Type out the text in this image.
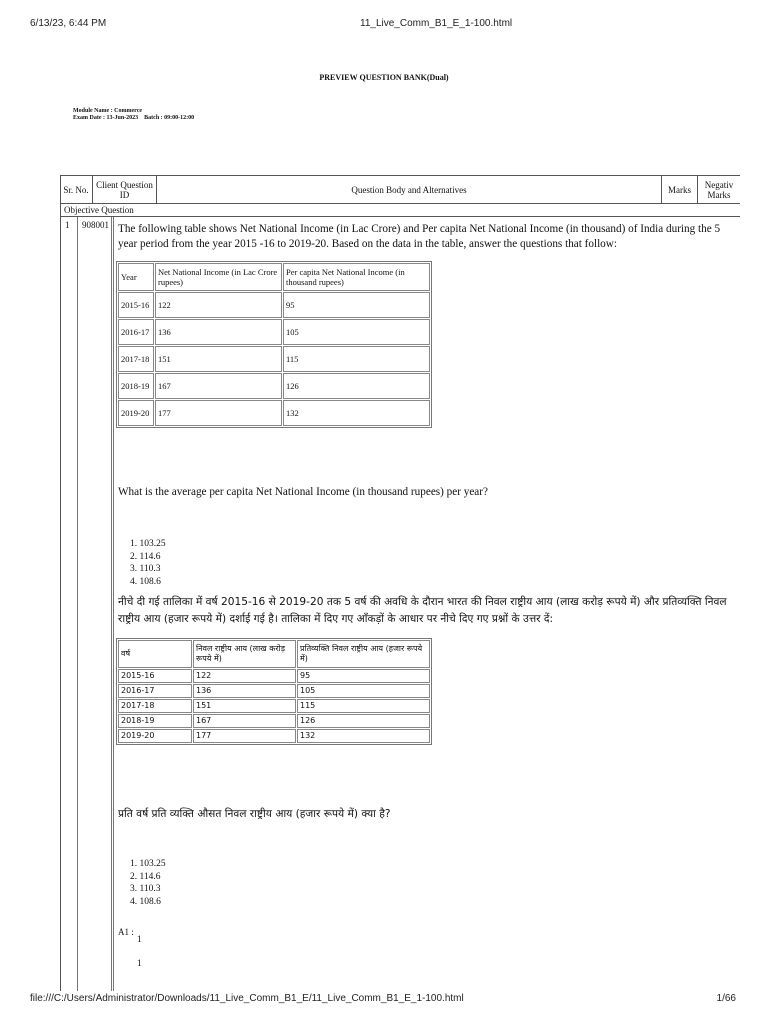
6/13/23, 6:44 PM	11_Live_Comm_B1_E_1-100.html
PREVIEW QUESTION BANK(Dual)
Module Name : Commerce
Exam Date : 13-Jun-2023 Batch : 09:00-12:00
Sr. No. Client Question ID	Question Body and Alternatives	Marks	Negativ Marks
Objective Question
1 908001 The following table shows Net National Income (in Lac Crore) and Per capita Net National Income (in thousand) of India during the 5 year period from the year 2015 -16 to 2019-20. Based on the data in the table, answer the questions that follow:
Year	Net National Income (in Lac Crore rupees)	Per capita Net National Income (in thousand rupees)
2015-16	122	95
2016-17	136	105
2017-18	151	115
2018-19	167	126
2019-20	177	132
What is the average per capita Net National Income (in thousand rupees) per year?
1. 103.25
2. 114.6
3. 110.3
4. 108.6
नीचे दी गई तालिका में वर्ष 2015-16 से 2019-20 तक 5 वर्ष की अवधि के दौरान भारत की निवल राष्ट्रीय आय (लाख करोड़ रूपये में) और प्रतिव्यक्ति निवल राष्ट्रीय आय (हजार रूपये में) दर्शाई गई है। तालिका में दिए गए आँकड़ों के आधार पर नीचे दिए गए प्रश्नों के उत्तर दें:
वर्ष	निवल राष्ट्रीय आय (लाख करोड़ रूपये में)	प्रतिव्यक्ति निवल राष्ट्रीय आय (हजार रूपये में)
2015-16	122	95
2016-17	136	105
2017-18	151	115
2018-19	167	126
2019-20	177	132
प्रति वर्ष प्रति व्यक्ति औसत निवल राष्ट्रीय आय (हजार रूपये में) क्या है?
1. 103.25
2. 114.6
3. 110.3
4. 108.6
A1 :
1
1
file:///C:/Users/Administrator/Downloads/11_Live_Comm_B1_E/11_Live_Comm_B1_E_1-100.html	1/66
